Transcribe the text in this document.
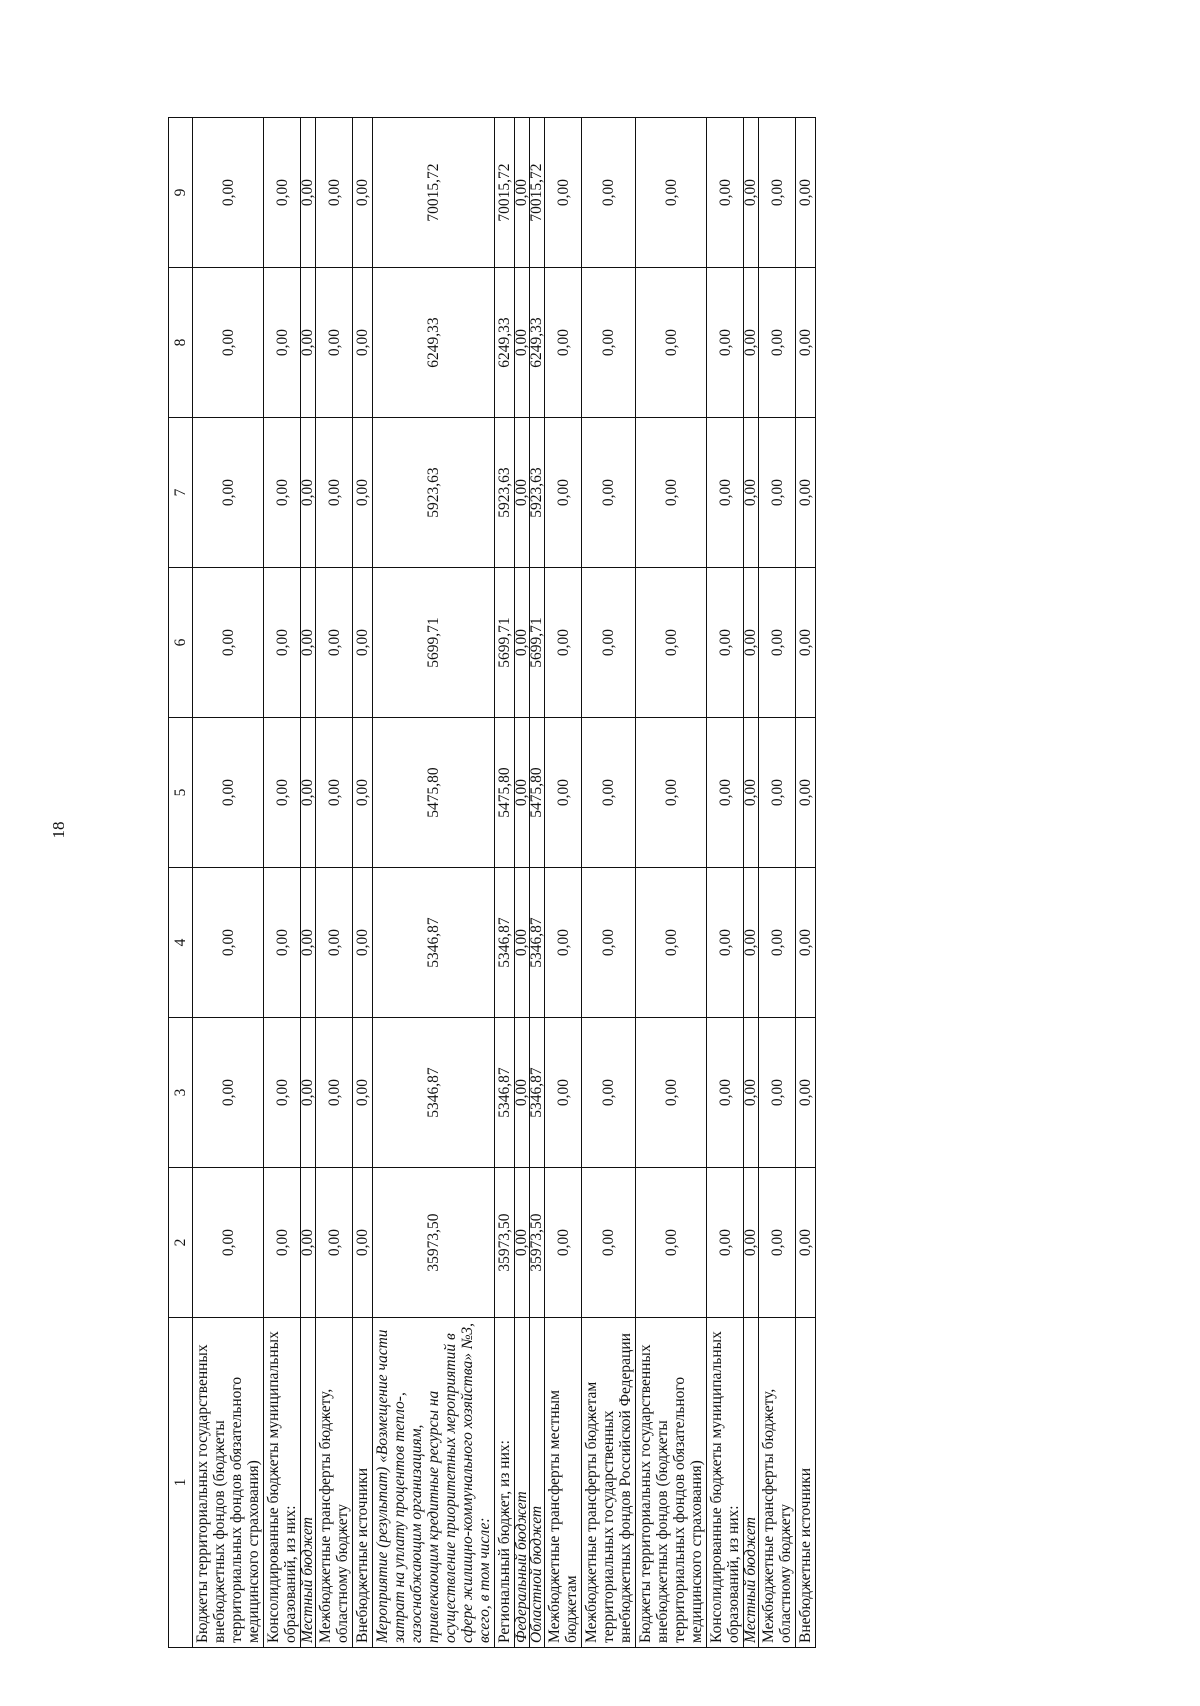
18
1	2	3	4	5	6	7	8	9
Бюджеты территориальных государственных внебюджетных фондов (бюджеты территориальных фондов обязательного медицинского страхования)	0,00	0,00	0,00	0,00	0,00	0,00	0,00	0,00
Консолидированные бюджеты муниципальных образований, из них:	0,00	0,00	0,00	0,00	0,00	0,00	0,00	0,00
Местный бюджет	0,00	0,00	0,00	0,00	0,00	0,00	0,00	0,00
Межбюджетные трансферты бюджету, областному бюджету	0,00	0,00	0,00	0,00	0,00	0,00	0,00	0,00
Внебюджетные источники	0,00	0,00	0,00	0,00	0,00	0,00	0,00	0,00
Мероприятие (результат) «Возмещение части затрат на уплату процентов тепло-, газоснабжающим организациям, привлекающим кредитные ресурсы на осуществление приоритетных мероприятий в сфере жилищно-коммунального хозяйства» №3, всего, в том числе:	35973,50	5346,87	5346,87	5475,80	5699,71	5923,63	6249,33	70015,72
Региональный бюджет, из них:	35973,50	5346,87	5346,87	5475,80	5699,71	5923,63	6249,33	70015,72
Федеральный бюджет	0,00	0,00	0,00	0,00	0,00	0,00	0,00	0,00
Областной бюджет	35973,50	5346,87	5346,87	5475,80	5699,71	5923,63	6249,33	70015,72
Межбюджетные трансферты местным бюджетам	0,00	0,00	0,00	0,00	0,00	0,00	0,00	0,00
Межбюджетные трансферты бюджетам территориальных государственных внебюджетных фондов Российской Федерации	0,00	0,00	0,00	0,00	0,00	0,00	0,00	0,00
Бюджеты территориальных государственных внебюджетных фондов (бюджеты территориальных фондов обязательного медицинского страхования)	0,00	0,00	0,00	0,00	0,00	0,00	0,00	0,00
Консолидированные бюджеты муниципальных образований, из них:	0,00	0,00	0,00	0,00	0,00	0,00	0,00	0,00
Местный бюджет	0,00	0,00	0,00	0,00	0,00	0,00	0,00	0,00
Межбюджетные трансферты бюджету, областному бюджету	0,00	0,00	0,00	0,00	0,00	0,00	0,00	0,00
Внебюджетные источники	0,00	0,00	0,00	0,00	0,00	0,00	0,00	0,00
